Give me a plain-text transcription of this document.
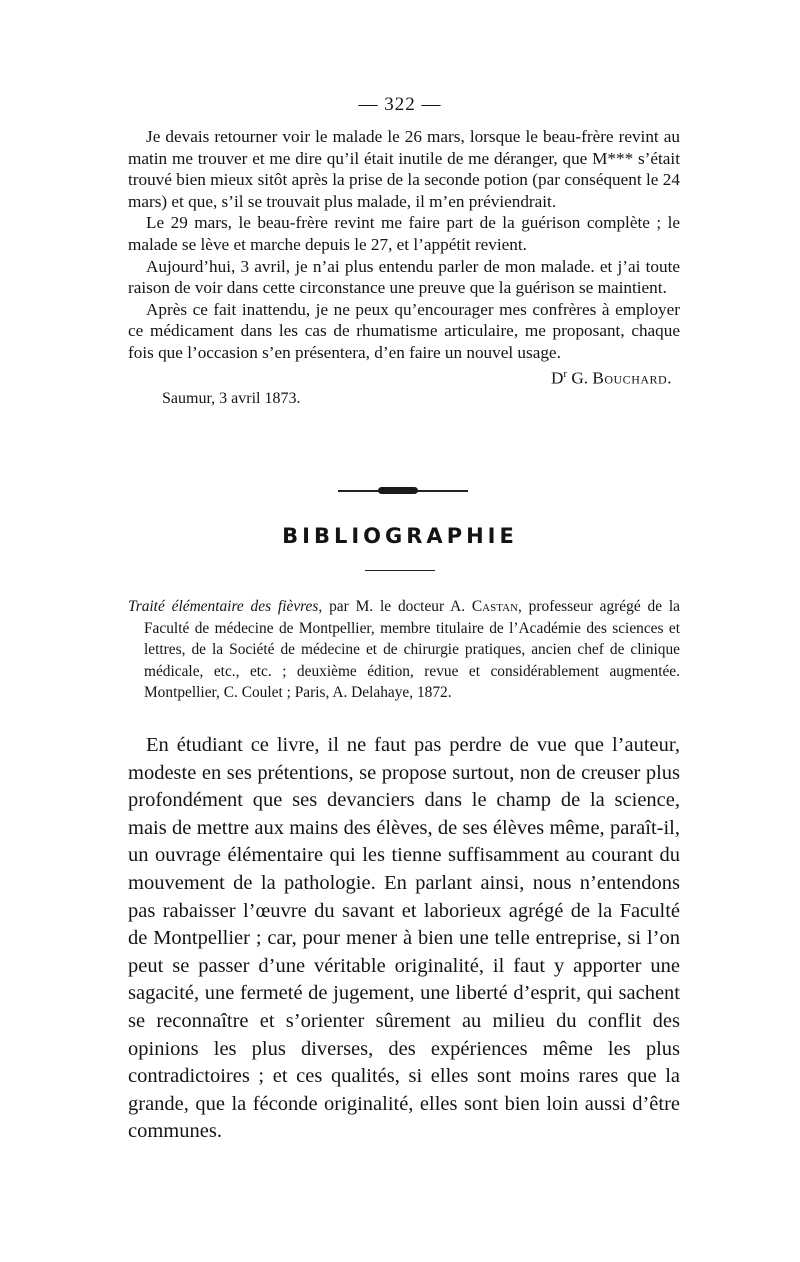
— 322 —

Je devais retourner voir le malade le 26 mars, lorsque le beau-frère revint au matin me trouver et me dire qu’il était inutile de me déranger, que M*** s’était trouvé bien mieux sitôt après la prise de la seconde potion (par conséquent le 24 mars) et que, s’il se trouvait plus malade, il m’en préviendrait.

Le 29 mars, le beau-frère revint me faire part de la guérison complète ; le malade se lève et marche depuis le 27, et l’appétit revient.

Aujourd’hui, 3 avril, je n’ai plus entendu parler de mon malade. et j’ai toute raison de voir dans cette circonstance une preuve que la guérison se maintient.

Après ce fait inattendu, je ne peux qu’encourager mes confrères à employer ce médicament dans les cas de rhumatisme articulaire, me proposant, chaque fois que l’occasion s’en présentera, d’en faire un nouvel usage.

$D^r$ G. Bouchard.
Saumur, 3 avril 1873.
BIBLIOGRAPHIE

Traité élémentaire des fièvres, par M. le docteur A. Castan, professeur agrégé de la Faculté de médecine de Montpellier, membre titulaire de l’Académie des sciences et lettres, de la Société de médecine et de chirurgie pratiques, ancien chef de clinique médicale, etc., etc. ; deuxième édition, revue et considérablement augmentée. Montpellier, C. Coulet ; Paris, A. Delahaye, 1872.

En étudiant ce livre, il ne faut pas perdre de vue que l’auteur, modeste en ses prétentions, se propose surtout, non de creuser plus profondément que ses devanciers dans le champ de la science, mais de mettre aux mains des élèves, de ses élèves même, paraît-il, un ouvrage élémentaire qui les tienne suffisamment au courant du mouvement de la pathologie. En parlant ainsi, nous n’entendons pas rabaisser l’œuvre du savant et laborieux agrégé de la Faculté de Montpellier ; car, pour mener à bien une telle entreprise, si l’on peut se passer d’une véritable originalité, il faut y apporter une sagacité, une fermeté de jugement, une liberté d’esprit, qui sachent se reconnaître et s’orienter sûrement au milieu du conflit des opinions les plus diverses, des expériences même les plus contradictoires ; et ces qualités, si elles sont moins rares que la grande, que la féconde originalité, elles sont bien loin aussi d’être communes.
